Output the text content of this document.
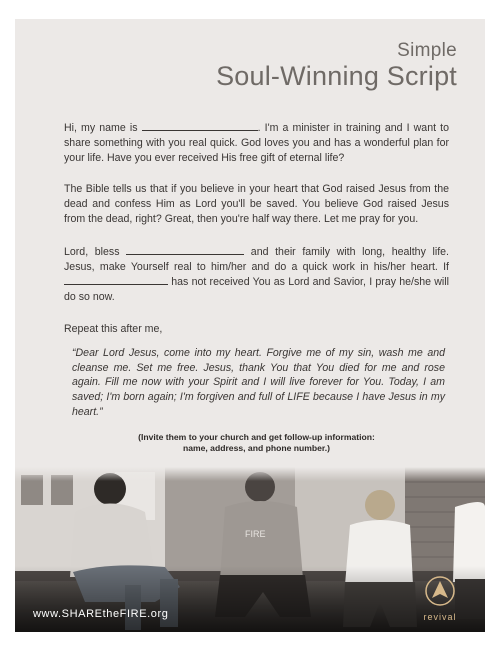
Simple
Soul-Winning Script

Hi, my name is	. I'm a minister in training and I want to share something with you real quick. God loves you and has a wonderful plan for your life. Have you ever received His free gift of eternal life?

The Bible tells us that if you believe in your heart that God raised Jesus from the dead and confess Him as Lord you'll be saved. You believe God raised Jesus from the dead, right? Great, then you're half way there. Let me pray for you.

Lord, bless	and their family with long, healthy life. Jesus, make Yourself real to him/her and do a quick work in his/her heart. If  has not received You as Lord and Savior, I pray he/she will do so now.

Repeat this after me,

“Dear Lord Jesus, come into my heart. Forgive me of my sin, wash me and cleanse me. Set me free. Jesus, thank You that You died for me and rose again. Fill me now with your Spirit and I will live forever for You. Today, I am saved; I'm born again; I'm forgiven and full of LIFE because I have Jesus in my heart.”

(Invite them to your church and get follow-up information:
name, address, and phone number.)
www.SHAREtheFIRE.org	revival
